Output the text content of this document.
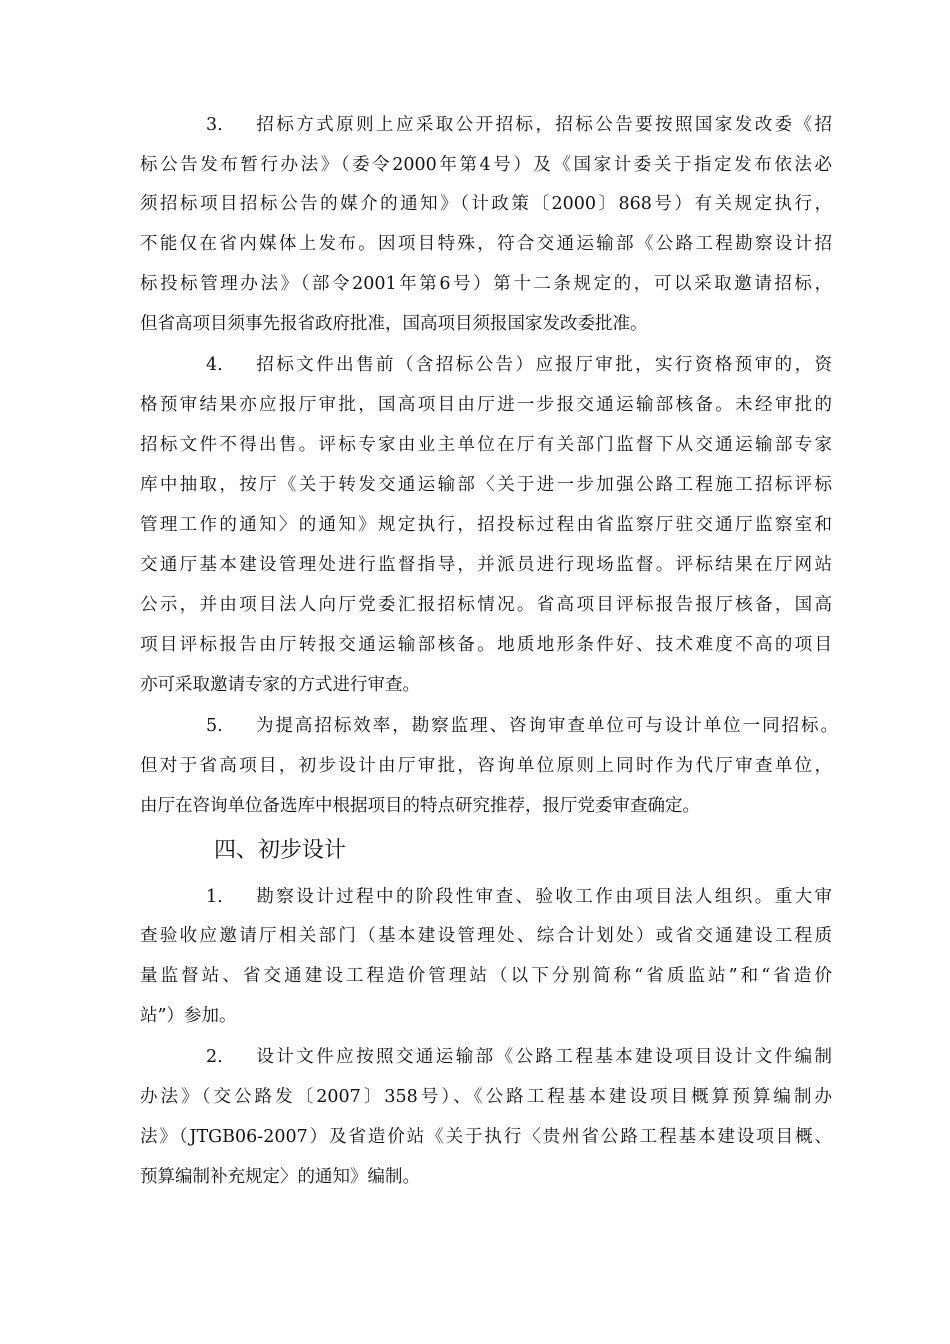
3. 招标方式原则上应采取公开招标，招标公告要按照国家发改委《招
标公告发布暂行办法》（委令2000年第4号）及《国家计委关于指定发布依法必
须招标项目招标公告的媒介的通知》（计政策〔2000〕868号）有关规定执行，
不能仅在省内媒体上发布。因项目特殊，符合交通运输部《公路工程勘察设计招
标投标管理办法》（部令2001年第6号）第十二条规定的，可以采取邀请招标，
但省高项目须事先报省政府批准，国高项目须报国家发改委批准。
4. 招标文件出售前（含招标公告）应报厅审批，实行资格预审的，资
格预审结果亦应报厅审批，国高项目由厅进一步报交通运输部核备。未经审批的
招标文件不得出售。评标专家由业主单位在厅有关部门监督下从交通运输部专家
库中抽取，按厅《关于转发交通运输部〈关于进一步加强公路工程施工招标评标
管理工作的通知〉的通知》规定执行，招投标过程由省监察厅驻交通厅监察室和
交通厅基本建设管理处进行监督指导，并派员进行现场监督。评标结果在厅网站
公示，并由项目法人向厅党委汇报招标情况。省高项目评标报告报厅核备，国高
项目评标报告由厅转报交通运输部核备。地质地形条件好、技术难度不高的项目
亦可采取邀请专家的方式进行审查。
5. 为提高招标效率，勘察监理、咨询审查单位可与设计单位一同招标。
但对于省高项目，初步设计由厅审批，咨询单位原则上同时作为代厅审查单位，
由厅在咨询单位备选库中根据项目的特点研究推荐，报厅党委审查确定。
四、初步设计
1. 勘察设计过程中的阶段性审查、验收工作由项目法人组织。重大审
查验收应邀请厅相关部门（基本建设管理处、综合计划处）或省交通建设工程质
量监督站、省交通建设工程造价管理站（以下分别简称“省质监站”和“省造价
站”）参加。
2. 设计文件应按照交通运输部《公路工程基本建设项目设计文件编制
办法》（交公路发〔2007〕358号）、《公路工程基本建设项目概算预算编制办
法》（JTGB06-2007）及省造价站《关于执行〈贵州省公路工程基本建设项目概、
预算编制补充规定〉的通知》编制。
